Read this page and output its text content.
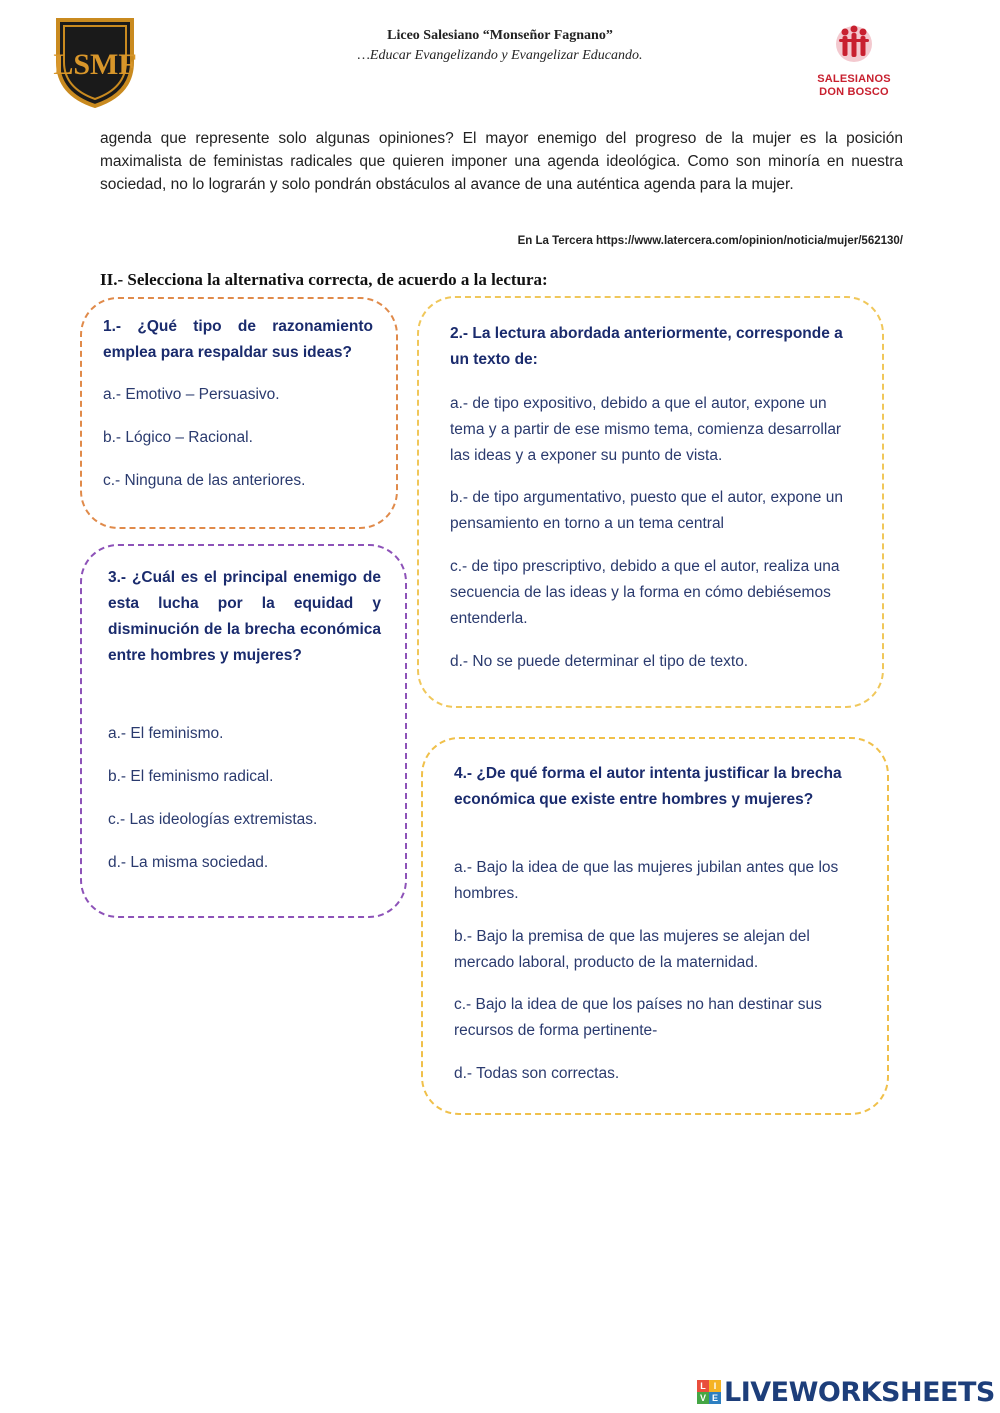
LSMF
Liceo Salesiano “Monseñor Fagnano”
…Educar Evangelizando y Evangelizar Educando.
SALESIANOS
DON BOSCO
agenda que represente solo algunas opiniones? El mayor enemigo del progreso de la mujer es la posición maximalista de feministas radicales que quieren imponer una agenda ideológica. Como son minoría en nuestra sociedad, no lo lograrán y solo pondrán obstáculos al avance de una auténtica agenda para la mujer.
En La Tercera https://www.latercera.com/opinion/noticia/mujer/562130/
II.- Selecciona la alternativa correcta, de acuerdo a la lectura:
1.- ¿Qué tipo de razonamiento emplea para respaldar sus ideas?
a.- Emotivo – Persuasivo.
b.- Lógico – Racional.
c.- Ninguna de las anteriores.
2.- La lectura abordada anteriormente, corresponde a un texto de:
a.- de tipo expositivo, debido a que el autor, expone un tema y a partir de ese mismo tema, comienza desarrollar las ideas y a exponer su punto de vista.
b.- de tipo argumentativo, puesto que el autor, expone un pensamiento en torno a un tema central
c.- de tipo prescriptivo, debido a que el autor, realiza una secuencia de las ideas y la forma en cómo debiésemos entenderla.
d.- No se puede determinar el tipo de texto.
3.- ¿Cuál es el principal enemigo de esta lucha por la equidad y disminución de la brecha económica entre hombres y mujeres?
a.- El feminismo.
b.- El feminismo radical.
c.- Las ideologías extremistas.
d.- La misma sociedad.
4.- ¿De qué forma el autor intenta justificar la brecha económica que existe entre hombres y mujeres?
a.- Bajo la idea de que las mujeres jubilan antes que los hombres.
b.- Bajo la premisa de que las mujeres se alejan del mercado laboral, producto de la maternidad.
c.- Bajo la idea de que los países no han destinar sus recursos de forma pertinente-
d.- Todas son correctas.
L I
V E LIVEWORKSHEETS
